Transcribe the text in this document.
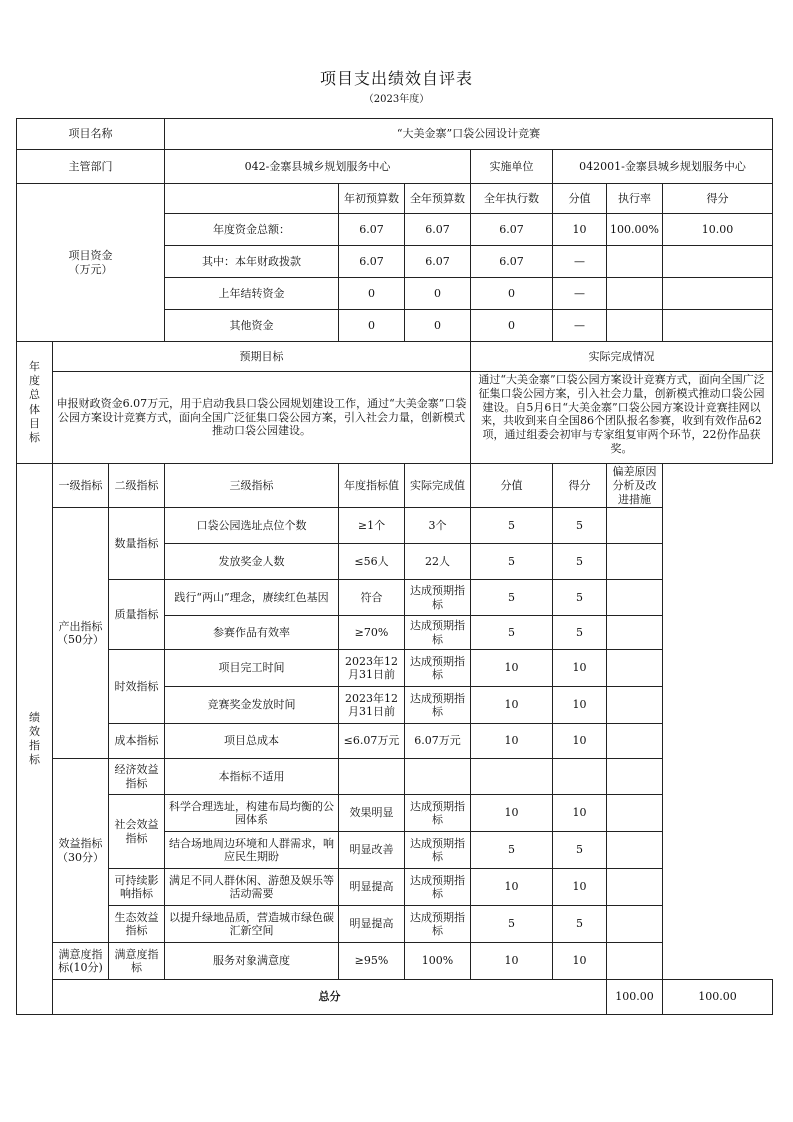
项目支出绩效自评表
（2023年度）
项目名称			“大美金寨”口袋公园设计竞赛							
主管部门			042-金寨县城乡规划服务中心			实施单位	042001-金寨县城乡规划服务中心			
项目资金
（万元）				年初预算数	全年预算数	全年执行数	分值	执行率	得分	
			年度资金总额：	6.07	6.07	6.07	10	100.00%	10.00	
			其中：本年财政拨款	6.07	6.07	6.07	—			
			上年结转资金	0	0	0	—			
			其他资金	0	0	0	—			
年度总体目标	预期目标					实际完成情况				
	申报财政资金6.07万元，用于启动我县口袋公园规划建设工作，通过“大美金寨”口袋公园方案设计竞赛方式，面向全国广泛征集口袋公园方案，引入社会力量，创新模式推动口袋公园建设。					通过“大美金寨”口袋公园方案设计竞赛方式，面向全国广泛征集口袋公园方案，引入社会力量，创新模式推动口袋公园建设。自5月6日“大美金寨”口袋公园方案设计竞赛挂网以来，共收到来自全国86个团队报名参赛，收到有效作品62项，通过组委会初审与专家组复审两个环节，22份作品获奖。				
绩效指标	一级指标	二级指标	三级指标	年度指标值	实际完成值	分值	得分	偏差原因分析及改进措施		
	产出指标
（50分）	数量指标	口袋公园选址点位个数	≥1个	3个	5	5			
			发放奖金人数	≤56人	22人	5	5			
		质量指标	践行“两山”理念，赓续红色基因	符合	达成预期指标	5	5			
			参赛作品有效率	≥70%	达成预期指标	5	5			
		时效指标	项目完工时间	2023年12月31日前	达成预期指标	10	10			
			竞赛奖金发放时间	2023年12月31日前	达成预期指标	10	10			
		成本指标	项目总成本	≤6.07万元	6.07万元	10	10			
	效益指标
（30分）	经济效益指标	本指标不适用							
		社会效益指标	科学合理选址，构建布局均衡的公园体系	效果明显	达成预期指标	10	10			
			结合场地周边环境和人群需求，响应民生期盼	明显改善	达成预期指标	5	5			
		可持续影响指标	满足不同人群休闲、游憩及娱乐等活动需要	明显提高	达成预期指标	10	10			
		生态效益指标	以提升绿地品质，营造城市绿色碳汇新空间	明显提高	达成预期指标	5	5			
	满意度指标(10分)	满意度指标	服务对象满意度	≥95%	100%	10	10			
	总分							100.00	100.00	
